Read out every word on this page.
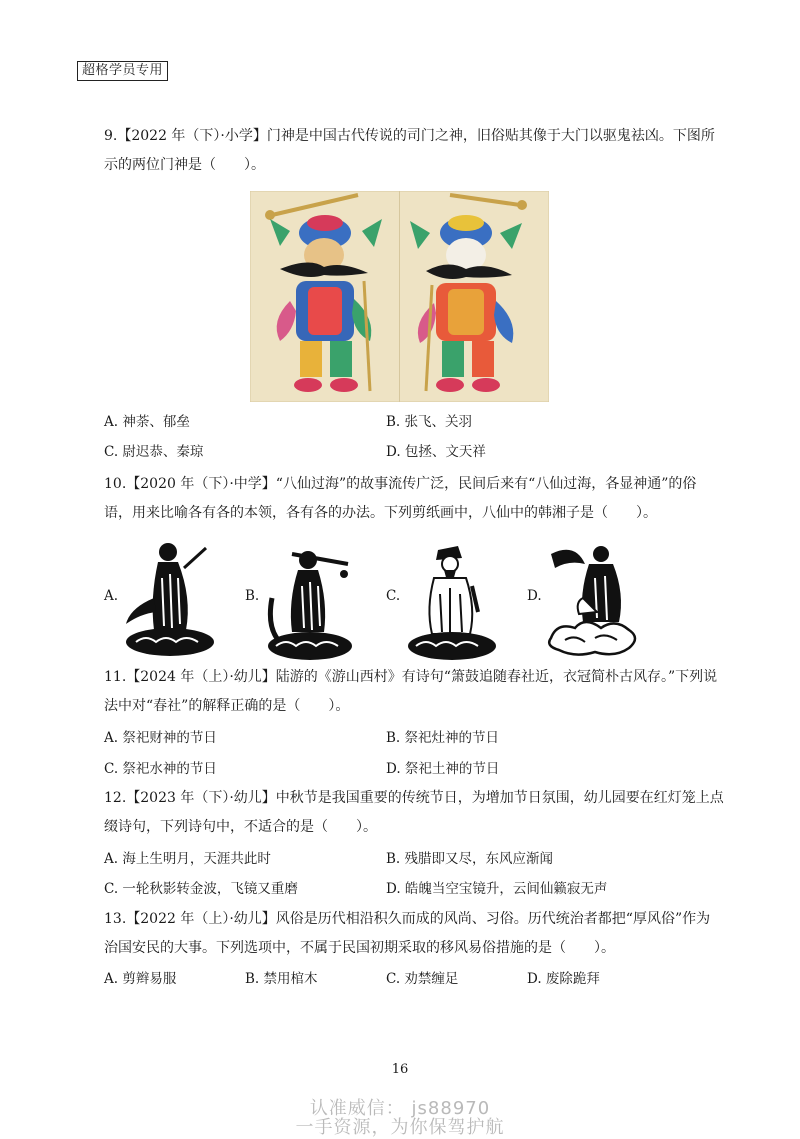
超格学员专用

9.【2022 年（下）·小学】门神是中国古代传说的司门之神，旧俗贴其像于大门以驱鬼祛凶。下图所示的两位门神是（　　）。

A. 神荼、郁垒	B. 张飞、关羽
C. 尉迟恭、秦琼	D. 包拯、文天祥

10.【2020 年（下）·中学】“八仙过海”的故事流传广泛，民间后来有“八仙过海，各显神通”的俗语，用来比喻各有各的本领，各有各的办法。下列剪纸画中，八仙中的韩湘子是（　　）。

A.	B.	C.	D.

11.【2024 年（上）·幼儿】陆游的《游山西村》有诗句“箫鼓追随春社近，衣冠简朴古风存。”下列说法中对“春社”的解释正确的是（　　）。

A. 祭祀财神的节日	B. 祭祀灶神的节日
C. 祭祀水神的节日	D. 祭祀土神的节日

12.【2023 年（下）·幼儿】中秋节是我国重要的传统节日，为增加节日氛围，幼儿园要在红灯笼上点缀诗句，下列诗句中，不适合的是（　　）。

A. 海上生明月，天涯共此时	B. 残腊即又尽，东风应渐闻
C. 一轮秋影转金波，飞镜又重磨	D. 皓魄当空宝镜升，云间仙籁寂无声

13.【2022 年（上）·幼儿】风俗是历代相沿积久而成的风尚、习俗。历代统治者都把“厚风俗”作为治国安民的大事。下列选项中，不属于民国初期采取的移风易俗措施的是（　　）。

A. 剪辫易服	B. 禁用棺木	C. 劝禁缠足	D. 废除跪拜
16
认准威信： js88970
一手资源，为你保驾护航
